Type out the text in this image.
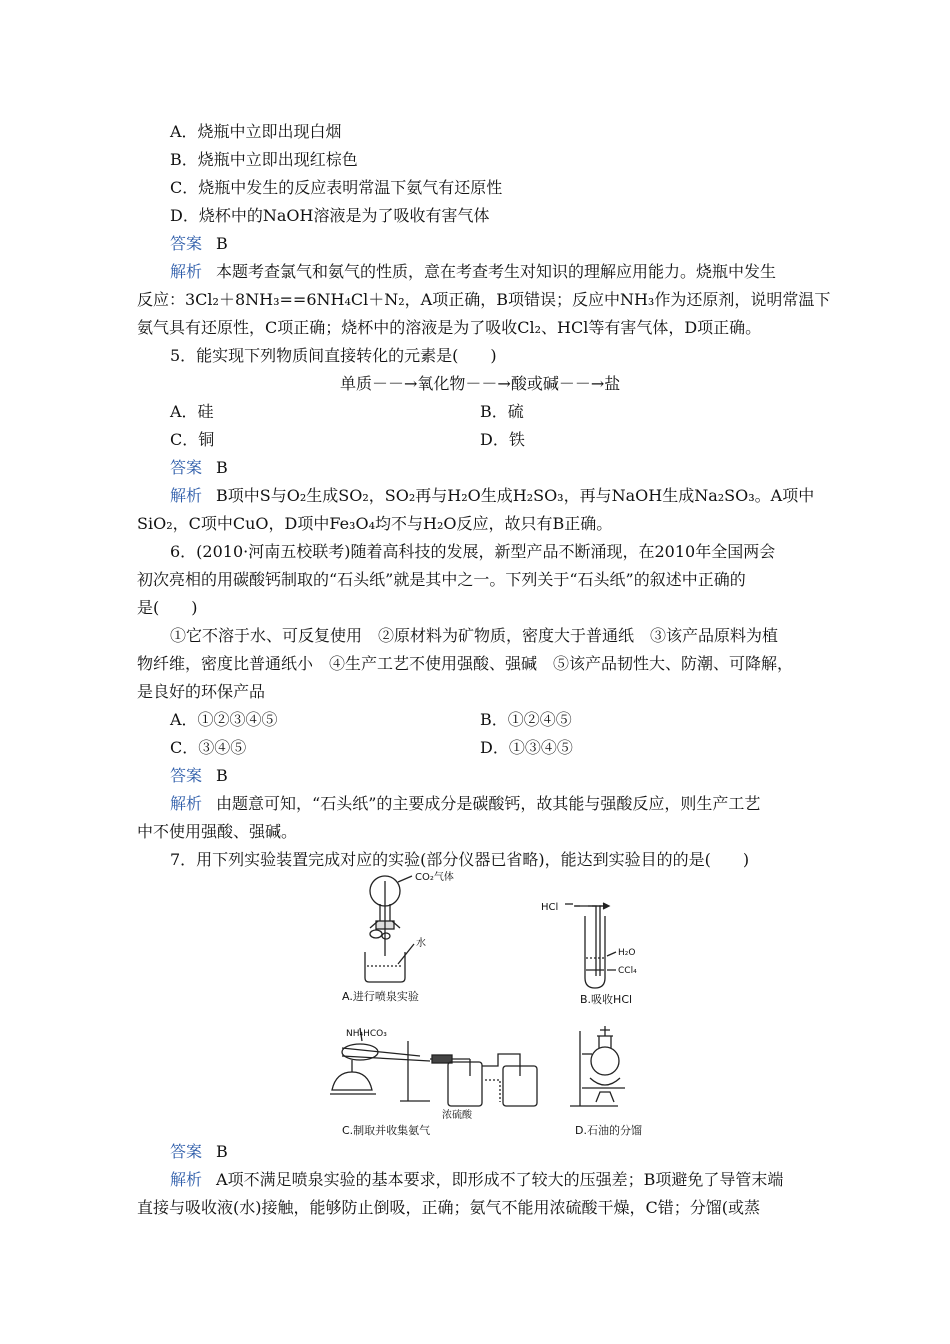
A．烧瓶中立即出现白烟
B．烧瓶中立即出现红棕色
C．烧瓶中发生的反应表明常温下氨气有还原性
D．烧杯中的NaOH溶液是为了吸收有害气体
答案 B
解析 本题考查氯气和氨气的性质，意在考查考生对知识的理解应用能力。烧瓶中发生
反应：3Cl₂＋8NH₃==6NH₄Cl＋N₂，A项正确，B项错误；反应中NH₃作为还原剂，说明常温下
氨气具有还原性，C项正确；烧杯中的溶液是为了吸收Cl₂、HCl等有害气体，D项正确。
5．能实现下列物质间直接转化的元素是(　　)
单质－－→氧化物－－→酸或碱－－→盐
A．硅	B．硫
C．铜	D．铁
答案 B
解析 B项中S与O₂生成SO₂，SO₂再与H₂O生成H₂SO₃，再与NaOH生成Na₂SO₃。A项中
SiO₂，C项中CuO，D项中Fe₃O₄均不与H₂O反应，故只有B正确。
6．(2010·河南五校联考)随着高科技的发展，新型产品不断涌现，在2010年全国两会
初次亮相的用碳酸钙制取的“石头纸”就是其中之一。下列关于“石头纸”的叙述中正确的
是(　　)
①它不溶于水、可反复使用　②原材料为矿物质，密度大于普通纸　③该产品原料为植
物纤维，密度比普通纸小　④生产工艺不使用强酸、强碱　⑤该产品韧性大、防潮、可降解，
是良好的环保产品
A．①②③④⑤	B．①②④⑤
C．③④⑤	D．①③④⑤
答案 B
解析 由题意可知，“石头纸”的主要成分是碳酸钙，故其能与强酸反应，则生产工艺
中不使用强酸、强碱。
7．用下列实验装置完成对应的实验(部分仪器已省略)，能达到实验目的的是(　　)
CO₂气体
水
A.进行喷泉实验
HCl
H₂O
CCl₄
B.吸收HCl
NH₄HCO₃
浓硫酸
C.制取并收集氨气	D.石油的分馏
答案 B
解析 A项不满足喷泉实验的基本要求，即形成不了较大的压强差；B项避免了导管末端
直接与吸收液(水)接触，能够防止倒吸，正确；氨气不能用浓硫酸干燥，C错；分馏(或蒸
